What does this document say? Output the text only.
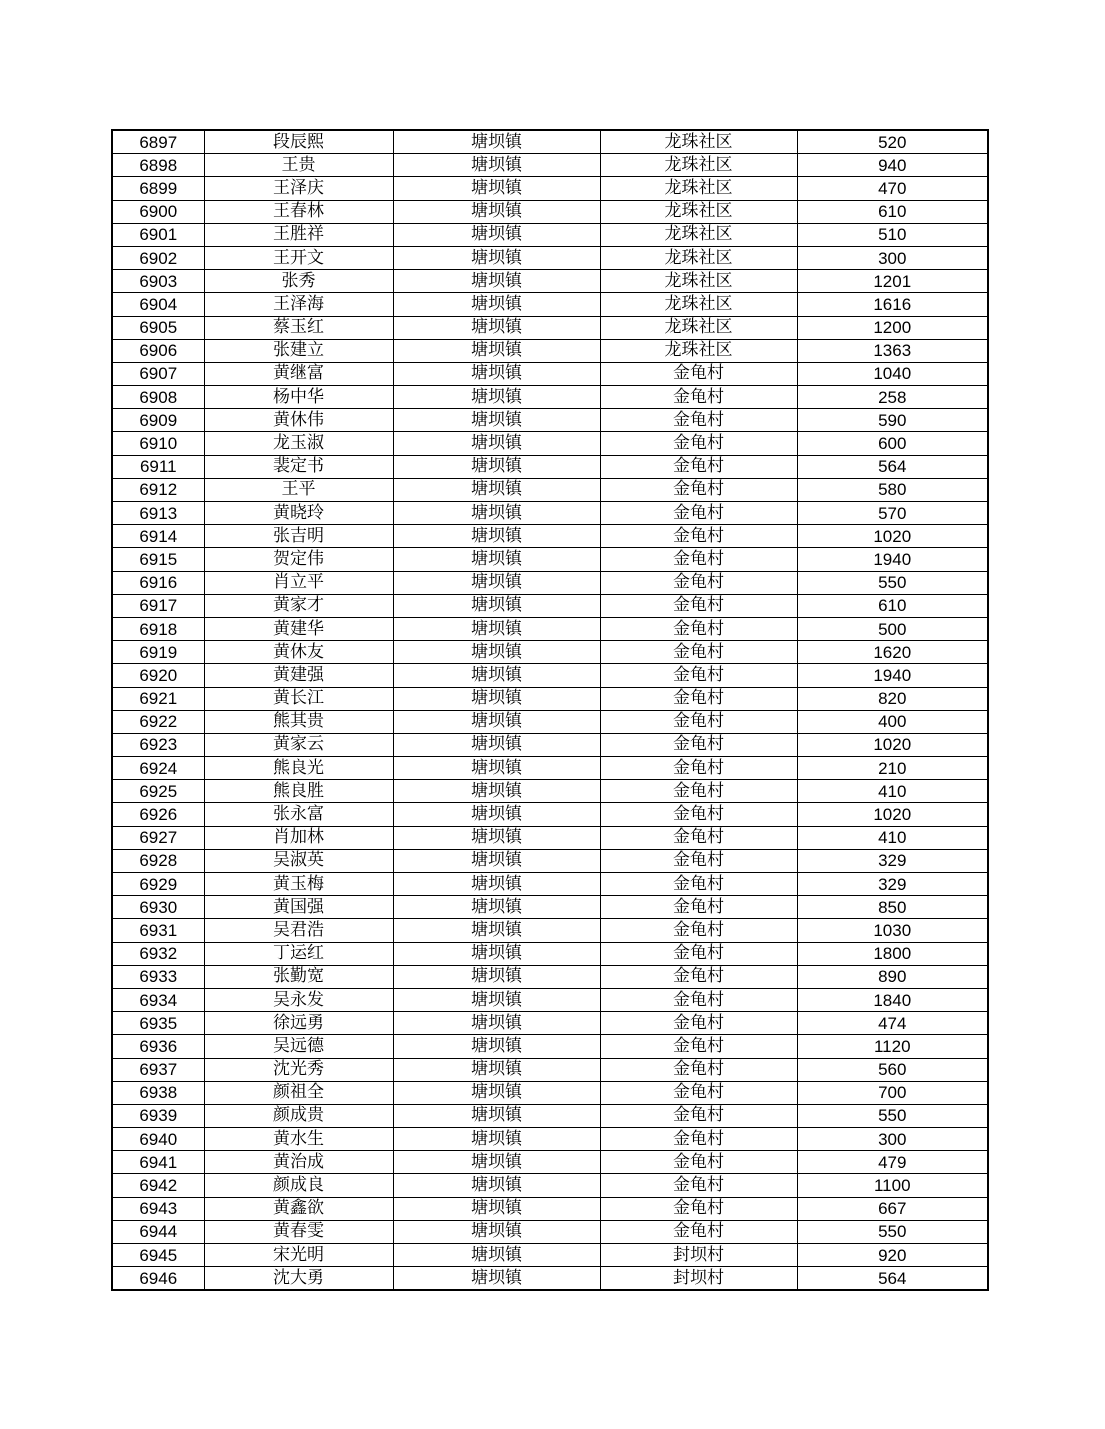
6897	段辰熙	塘坝镇	龙珠社区	520
6898	王贵	塘坝镇	龙珠社区	940
6899	王泽庆	塘坝镇	龙珠社区	470
6900	王春林	塘坝镇	龙珠社区	610
6901	王胜祥	塘坝镇	龙珠社区	510
6902	王开文	塘坝镇	龙珠社区	300
6903	张秀	塘坝镇	龙珠社区	1201
6904	王泽海	塘坝镇	龙珠社区	1616
6905	蔡玉红	塘坝镇	龙珠社区	1200
6906	张建立	塘坝镇	龙珠社区	1363
6907	黄继富	塘坝镇	金龟村	1040
6908	杨中华	塘坝镇	金龟村	258
6909	黄休伟	塘坝镇	金龟村	590
6910	龙玉淑	塘坝镇	金龟村	600
6911	裴定书	塘坝镇	金龟村	564
6912	王平	塘坝镇	金龟村	580
6913	黄晓玲	塘坝镇	金龟村	570
6914	张吉明	塘坝镇	金龟村	1020
6915	贺定伟	塘坝镇	金龟村	1940
6916	肖立平	塘坝镇	金龟村	550
6917	黄家才	塘坝镇	金龟村	610
6918	黄建华	塘坝镇	金龟村	500
6919	黄休友	塘坝镇	金龟村	1620
6920	黄建强	塘坝镇	金龟村	1940
6921	黄长江	塘坝镇	金龟村	820
6922	熊其贵	塘坝镇	金龟村	400
6923	黄家云	塘坝镇	金龟村	1020
6924	熊良光	塘坝镇	金龟村	210
6925	熊良胜	塘坝镇	金龟村	410
6926	张永富	塘坝镇	金龟村	1020
6927	肖加林	塘坝镇	金龟村	410
6928	吴淑英	塘坝镇	金龟村	329
6929	黄玉梅	塘坝镇	金龟村	329
6930	黄国强	塘坝镇	金龟村	850
6931	吴君浩	塘坝镇	金龟村	1030
6932	丁运红	塘坝镇	金龟村	1800
6933	张勤宽	塘坝镇	金龟村	890
6934	吴永发	塘坝镇	金龟村	1840
6935	徐远勇	塘坝镇	金龟村	474
6936	吴远德	塘坝镇	金龟村	1120
6937	沈光秀	塘坝镇	金龟村	560
6938	颜祖全	塘坝镇	金龟村	700
6939	颜成贵	塘坝镇	金龟村	550
6940	黄水生	塘坝镇	金龟村	300
6941	黄治成	塘坝镇	金龟村	479
6942	颜成良	塘坝镇	金龟村	1100
6943	黄鑫欲	塘坝镇	金龟村	667
6944	黄春雯	塘坝镇	金龟村	550
6945	宋光明	塘坝镇	封坝村	920
6946	沈大勇	塘坝镇	封坝村	564
